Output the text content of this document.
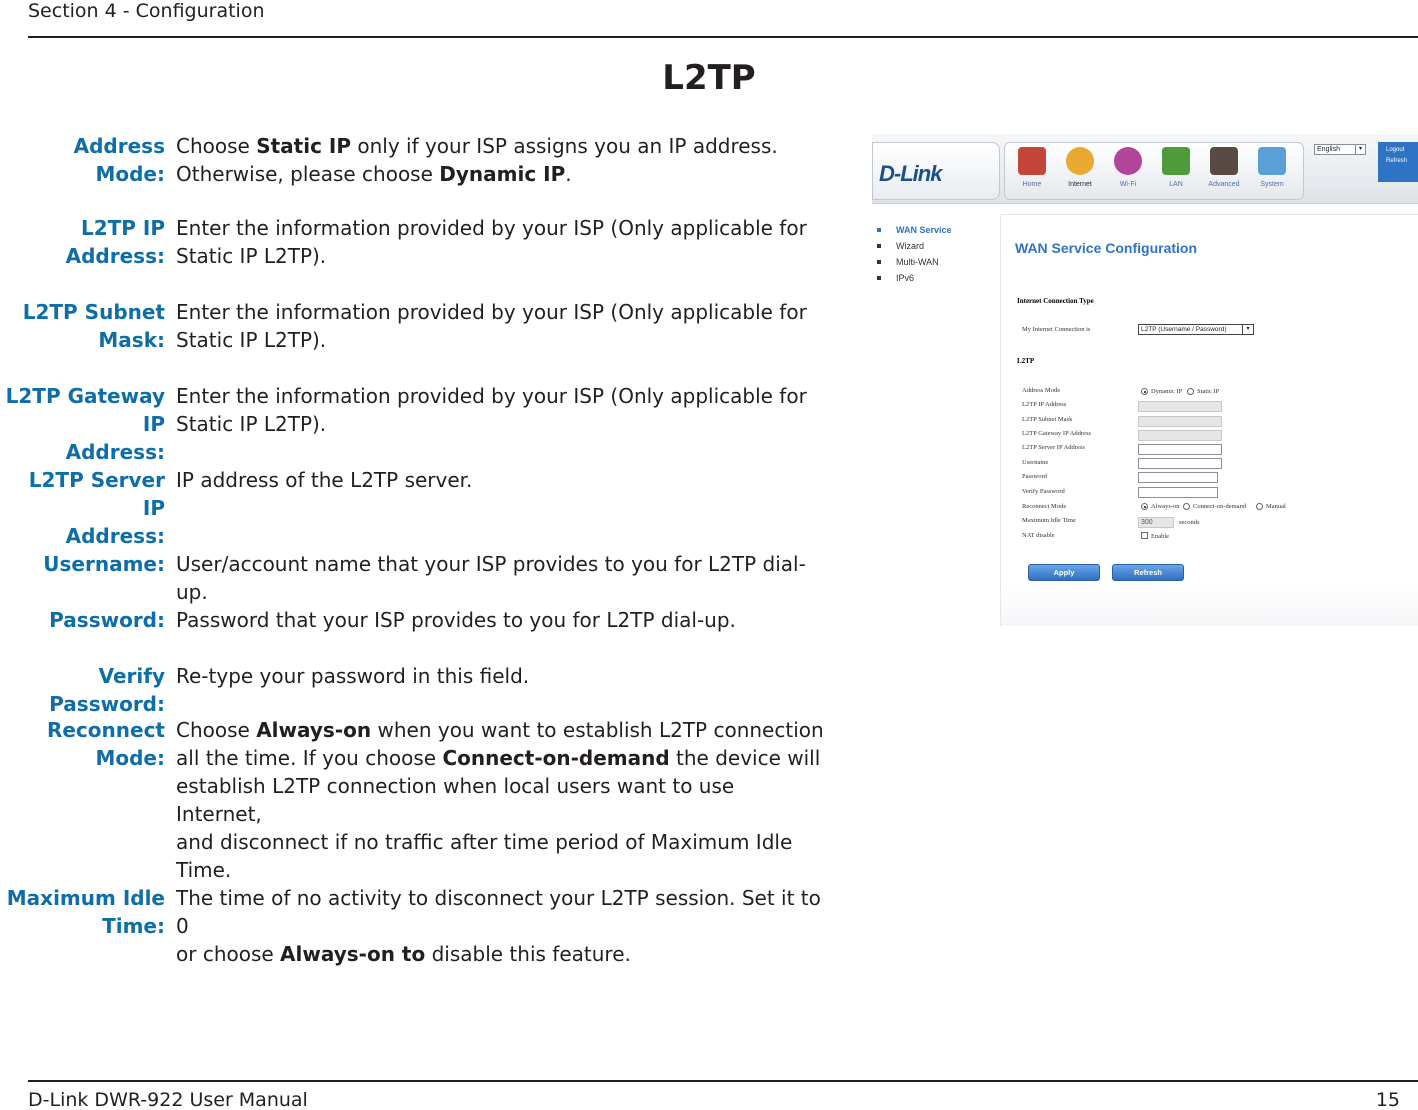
Section 4 - Configuration
L2TP
Address Mode:
Choose Static IP only if your ISP assigns you an IP address.
Otherwise, please choose Dynamic IP.
L2TP IP Address:
Enter the information provided by your ISP (Only applicable for
Static IP L2TP).
L2TP Subnet
Mask:
Enter the information provided by your ISP (Only applicable for
Static IP L2TP).
L2TP Gateway IP
Address:
Enter the information provided by your ISP (Only applicable for
Static IP L2TP).
L2TP Server IP
Address:
IP address of the L2TP server.
Username: User/account name that your ISP provides to you for L2TP dial-up.
Password: Password that your ISP provides to you for L2TP dial-up.
Verify Password:
Re-type your password in this field.
Reconnect
Mode:
Choose Always-on when you want to establish L2TP connection
all the time. If you choose Connect-on-demand the device will
establish L2TP connection when local users want to use Internet,
and disconnect if no traffic after time period of Maximum Idle
Time.
Maximum Idle
Time:
The time of no activity to disconnect your L2TP session. Set it to 0
or choose Always-on to disable this feature.
D-Link	Home	Internet	Wi-Fi	LAN	Advanced	System
English	▾	Logout
Refresh
WAN Service
Wizard
Multi-WAN
IPv6
WAN Service Configuration
Internet Connection Type
My Internet Connection is	L2TP (Username / Password)	▾
L2TP
Address Mode	Dynamic IP Static IP
L2TP IP Address
L2TP Subnet Mask
L2TP Gateway IP Address
L2TP Server IP Address
Username
Password
Verify Password
Reconnect Mode	Always-on Connect-on-demand	Manual
Maximum Idle Time	300	seconds
NAT disable	Enable
Apply	Refresh
D-Link DWR-922 User Manual	15
